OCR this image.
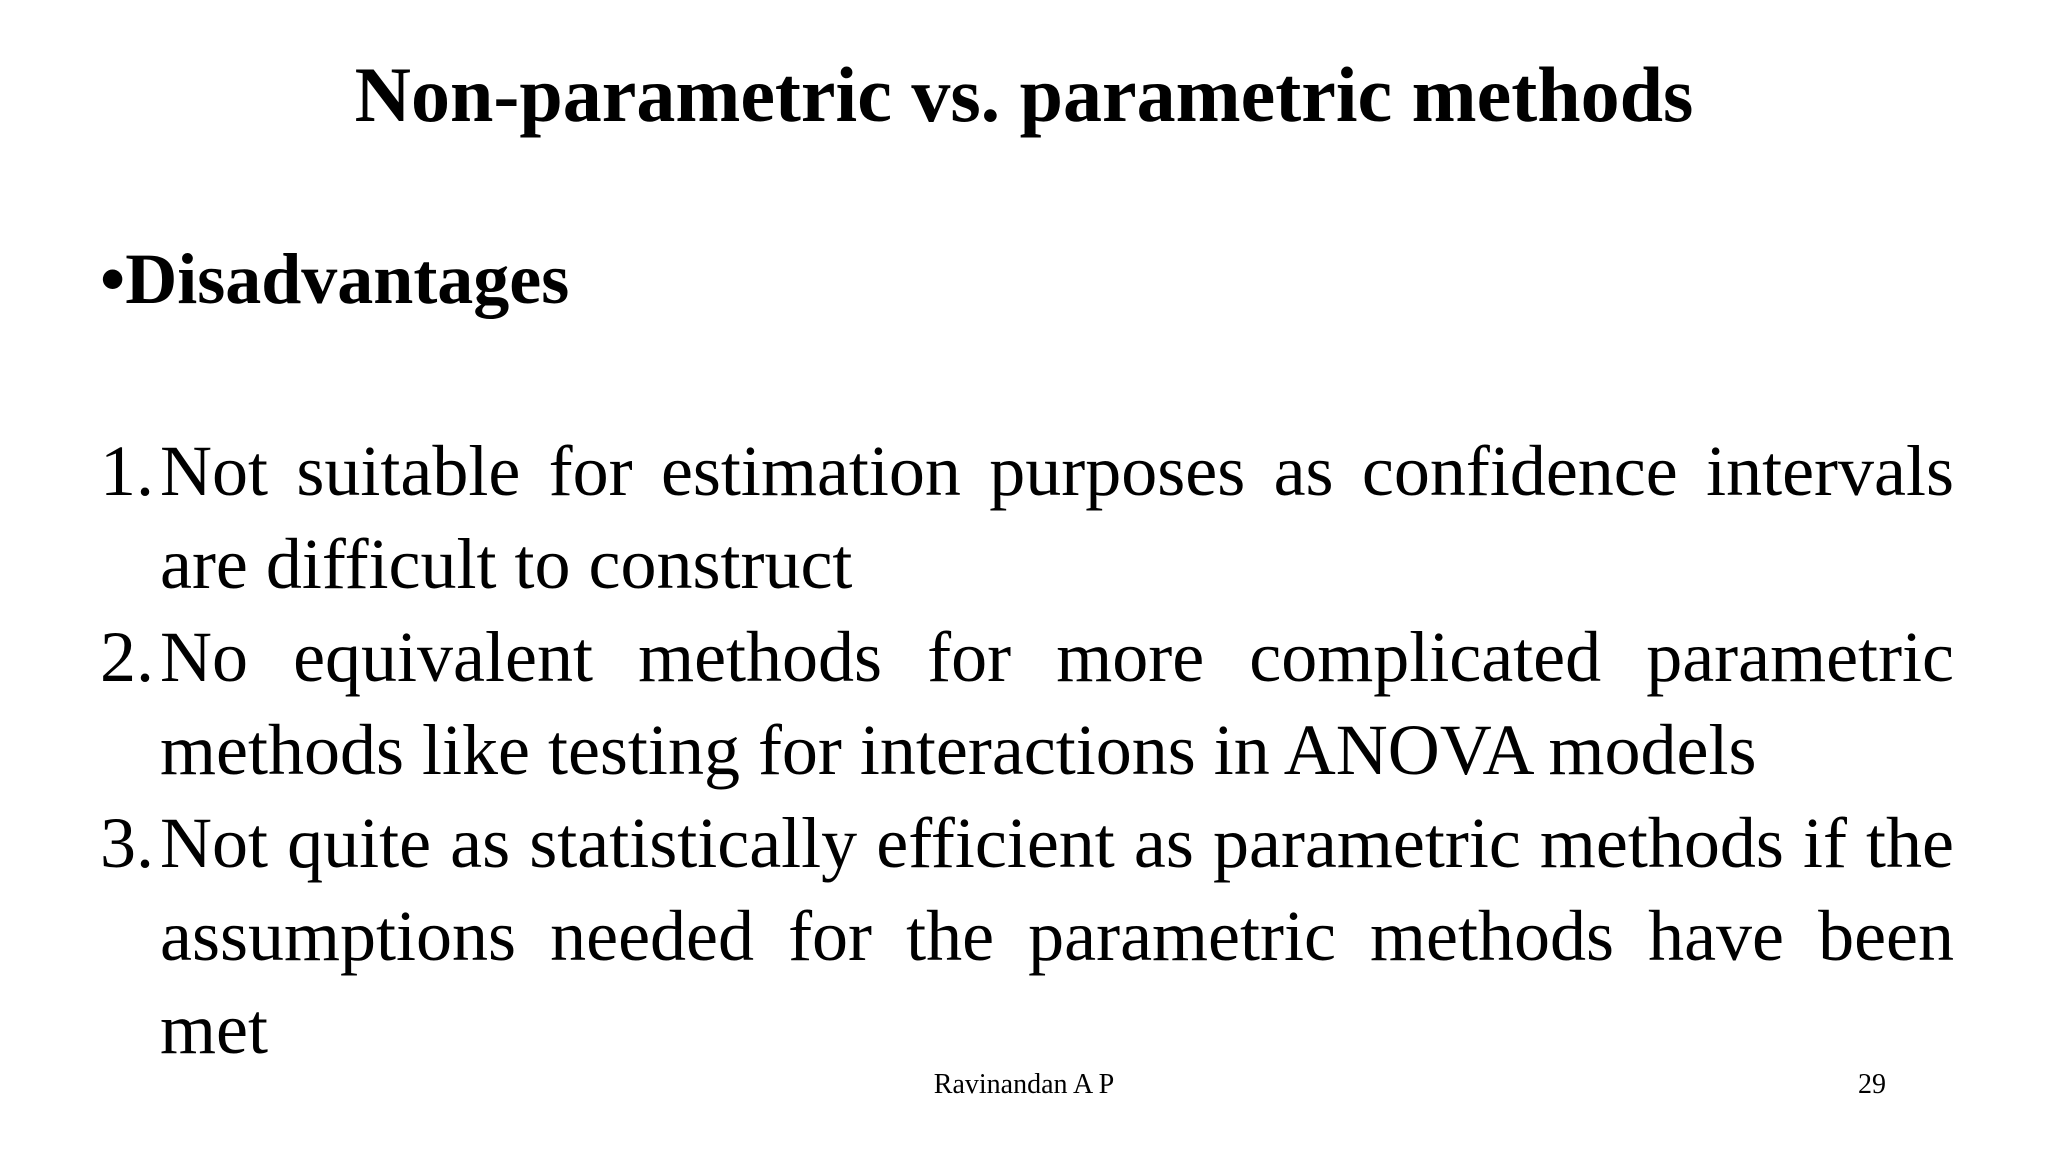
Non-parametric vs. parametric methods
•Disadvantages
1. Not suitable for estimation purposes as confidence intervals are difficult to construct
2. No equivalent methods for more complicated parametric methods like testing for interactions in ANOVA models
3. Not quite as statistically efficient as parametric methods if the assumptions needed for the parametric methods have been met
Ravinandan A P	29
